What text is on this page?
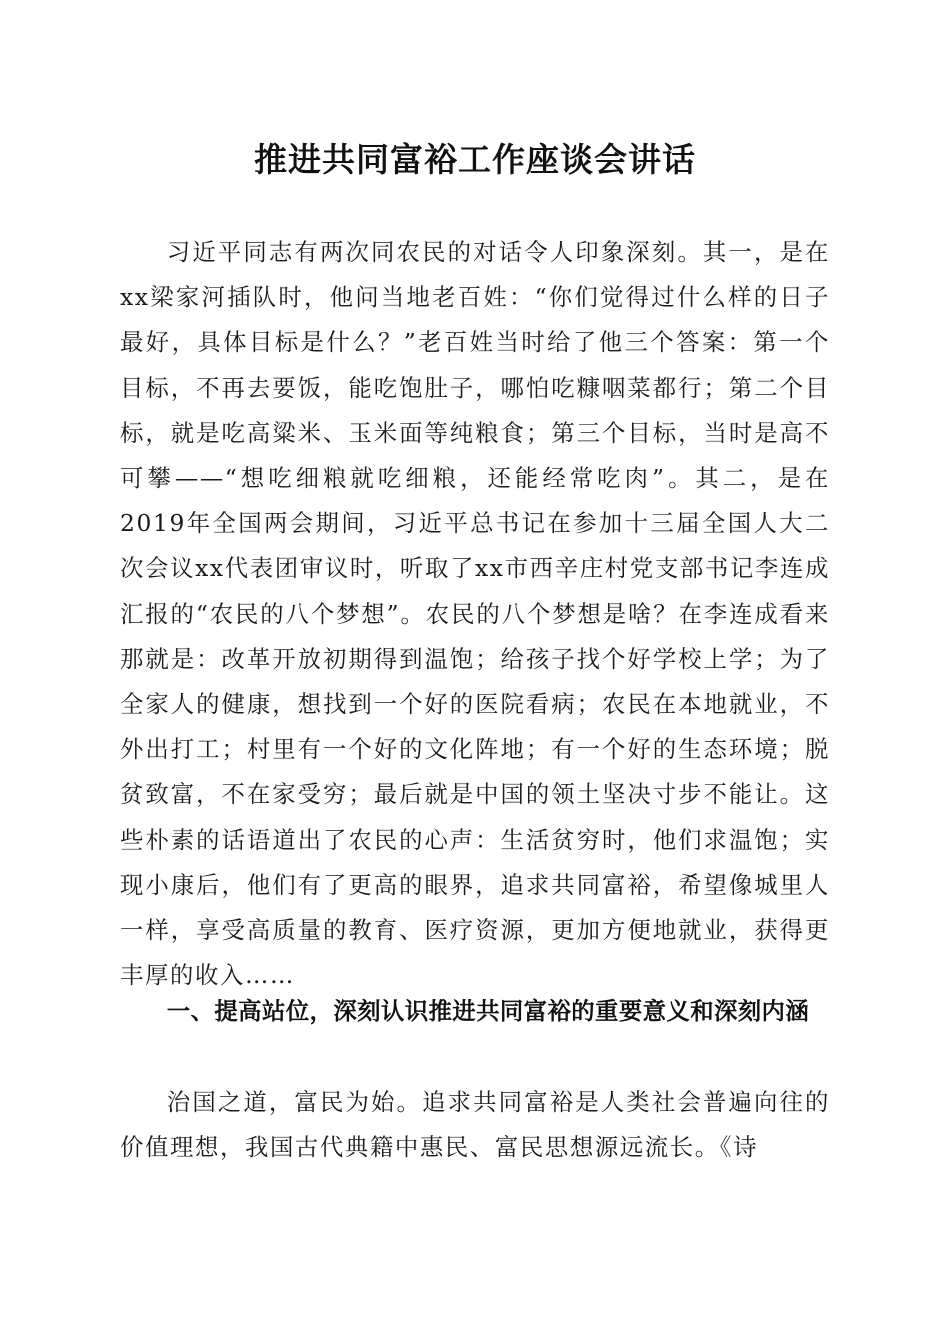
推进共同富裕工作座谈会讲话

习近平同志有两次同农民的对话令人印象深刻。其一，是在xx梁家河插队时，他问当地老百姓：“你们觉得过什么样的日子最好，具体目标是什么？”老百姓当时给了他三个答案：第一个目标，不再去要饭，能吃饱肚子，哪怕吃糠咽菜都行；第二个目标，就是吃高粱米、玉米面等纯粮食；第三个目标，当时是高不可攀——“想吃细粮就吃细粮，还能经常吃肉”。其二，是在2019年全国两会期间，习近平总书记在参加十三届全国人大二次会议xx代表团审议时，听取了xx市西辛庄村党支部书记李连成汇报的“农民的八个梦想”。农民的八个梦想是啥？在李连成看来那就是：改革开放初期得到温饱；给孩子找个好学校上学；为了全家人的健康，想找到一个好的医院看病；农民在本地就业，不外出打工；村里有一个好的文化阵地；有一个好的生态环境；脱贫致富，不在家受穷；最后就是中国的领土坚决寸步不能让。这些朴素的话语道出了农民的心声：生活贫穷时，他们求温饱；实现小康后，他们有了更高的眼界，追求共同富裕，希望像城里人一样，享受高质量的教育、医疗资源，更加方便地就业，获得更丰厚的收入……

一、提高站位，深刻认识推进共同富裕的重要意义和深刻内涵

治国之道，富民为始。追求共同富裕是人类社会普遍向往的价值理想，我国古代典籍中惠民、富民思想源远流长。《诗
